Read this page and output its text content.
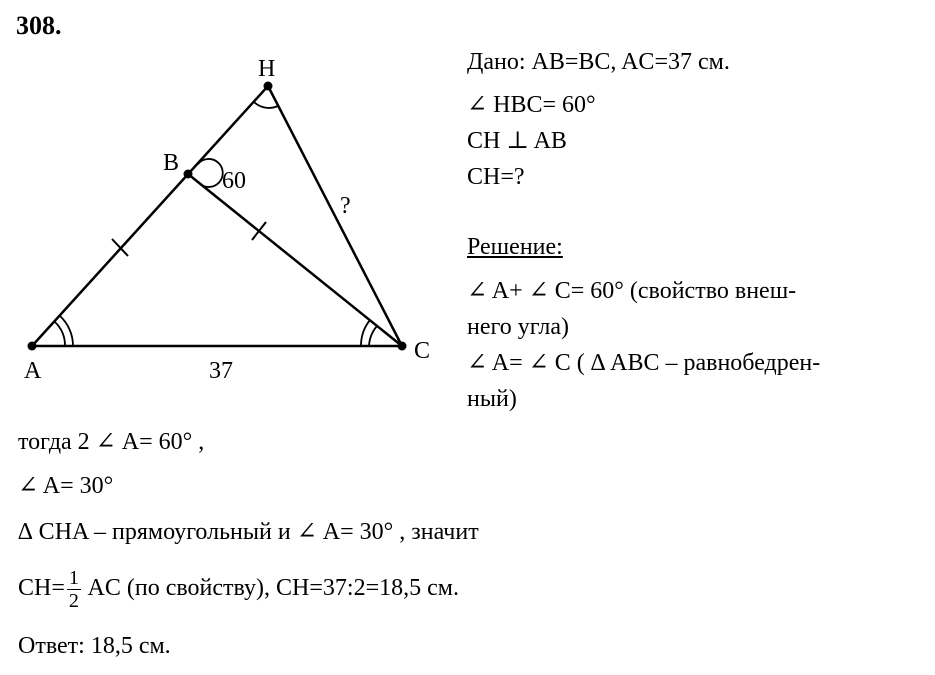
308.
H
B
A
C
60
37
?
Дано: AB=BC, AC=37 см.
∠ HBC= 60°
CH ⊥ AB
CH=?
Решение:
∠ A+ ∠ C= 60° (свойство внеш-
него угла)
∠ A= ∠ C ( ∆ ABC – равнобедрен-
ный)
тогда 2 ∠ A= 60° ,
∠ A= 30°
∆ CHA – прямоугольный и ∠ A= 30° , значит
$CH= \frac{1}{2}$ AC (по свойству), CH=37:2=18,5 см.
Ответ: 18,5 см.
